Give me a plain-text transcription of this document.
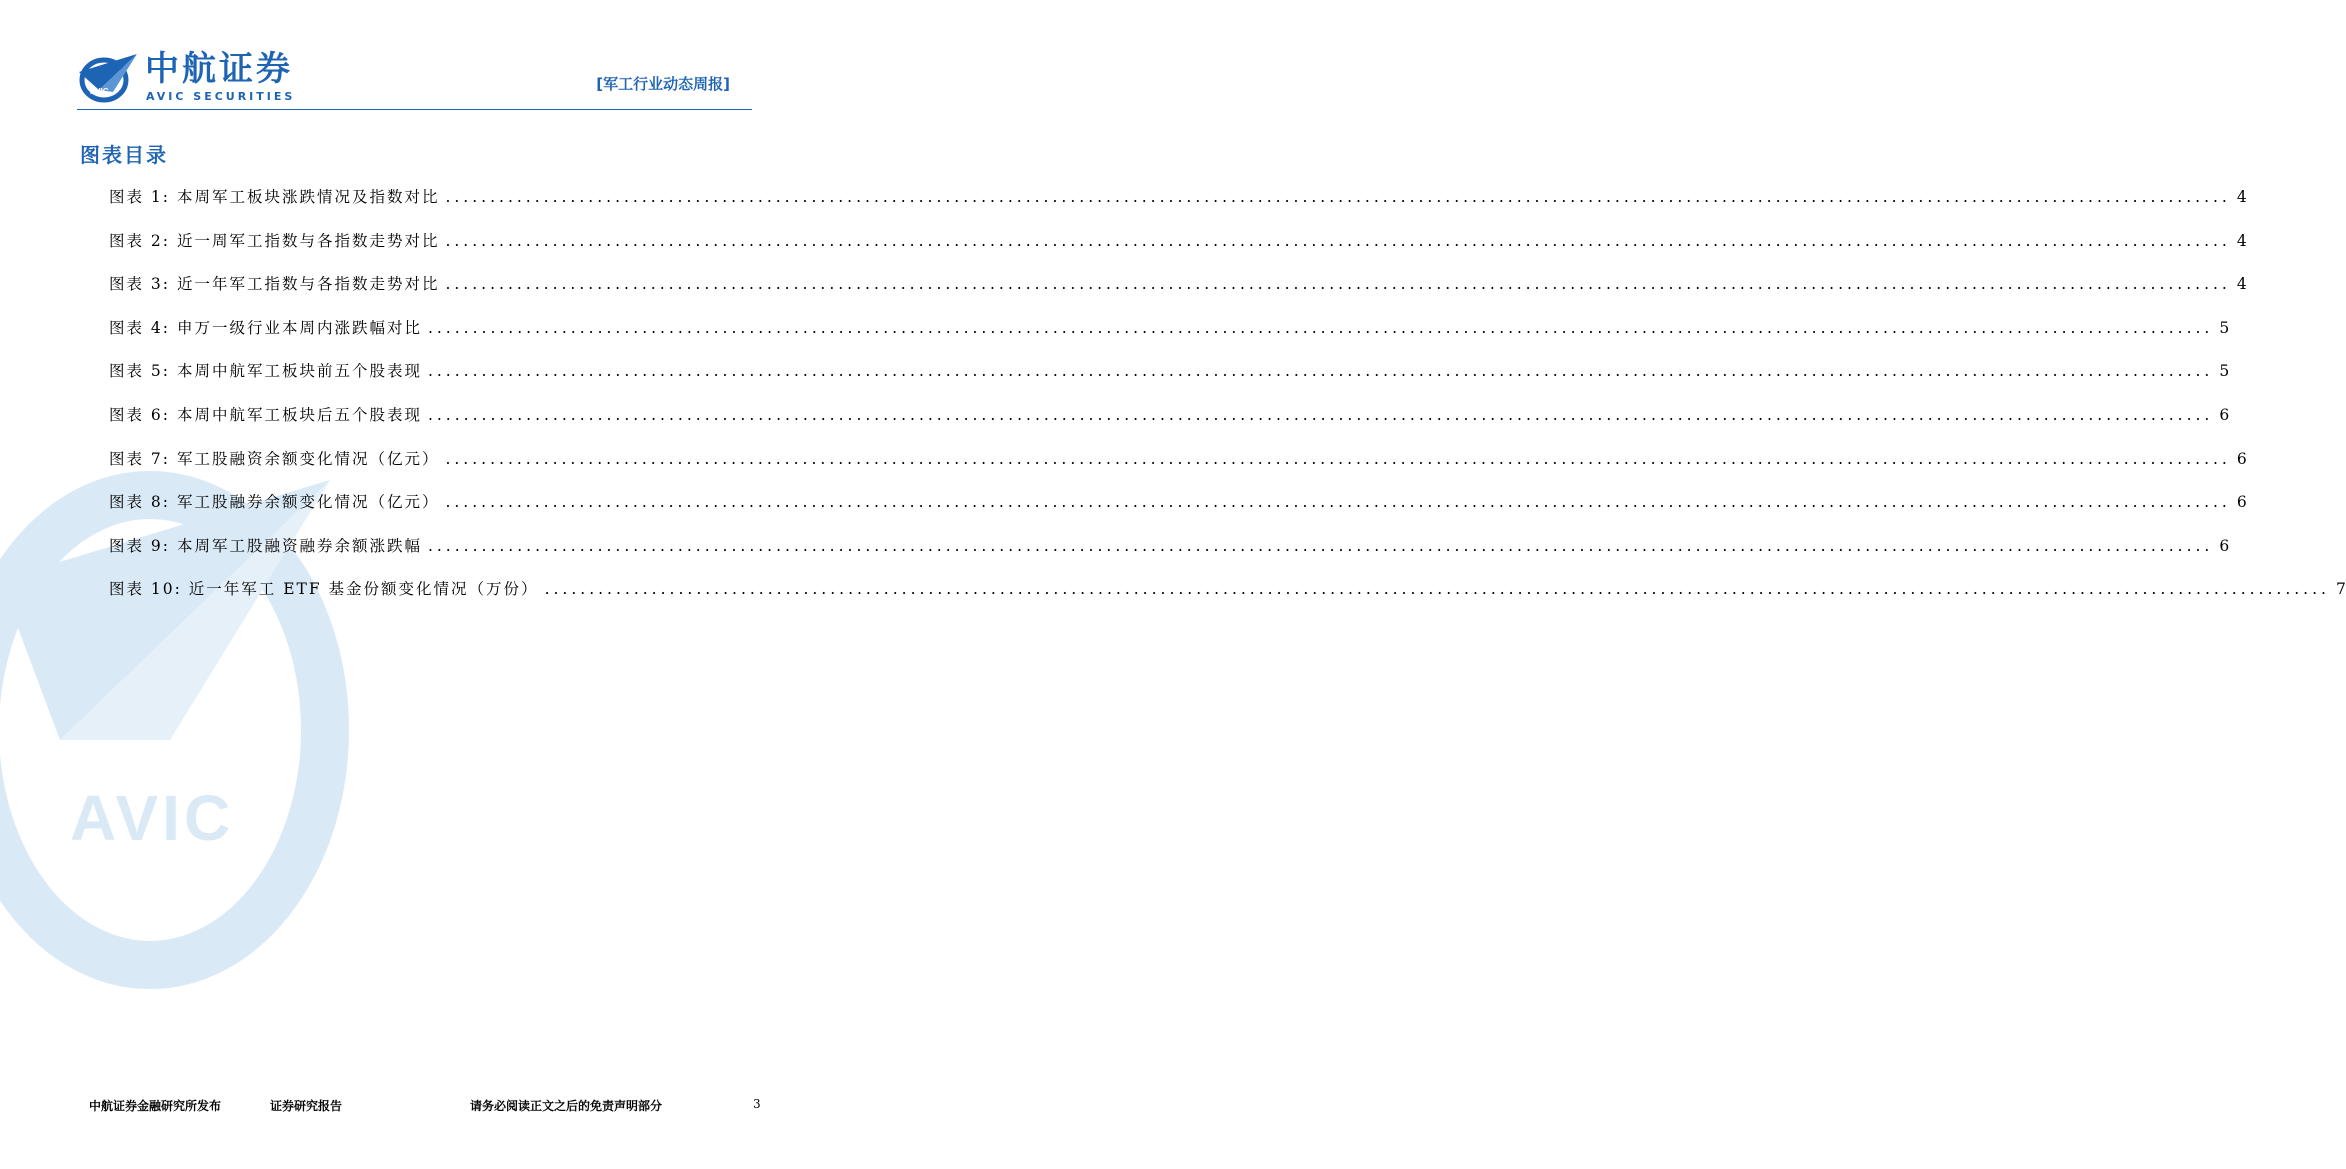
AVIC
AVIC
中航证券
AVIC SECURITIES
[军工行业动态周报]
图表目录
图表 1: 本周军工板块涨跌情况及指数对比 ........................................................................................................................................................................................................ 4
图表 2: 近一周军工指数与各指数走势对比 ........................................................................................................................................................................................................ 4
图表 3: 近一年军工指数与各指数走势对比 ........................................................................................................................................................................................................ 4
图表 4: 申万一级行业本周内涨跌幅对比 ........................................................................................................................................................................................................ 5
图表 5: 本周中航军工板块前五个股表现 ........................................................................................................................................................................................................ 5
图表 6: 本周中航军工板块后五个股表现 ........................................................................................................................................................................................................ 6
图表 7: 军工股融资余额变化情况（亿元） ........................................................................................................................................................................................................ 6
图表 8: 军工股融券余额变化情况（亿元） ........................................................................................................................................................................................................ 6
图表 9: 本周军工股融资融券余额涨跌幅 ........................................................................................................................................................................................................ 6
图表 10: 近一年军工 ETF 基金份额变化情况（万份） ........................................................................................................................................................................................................ 7
中航证券金融研究所发布	证券研究报告	请务必阅读正文之后的免责声明部分	3
